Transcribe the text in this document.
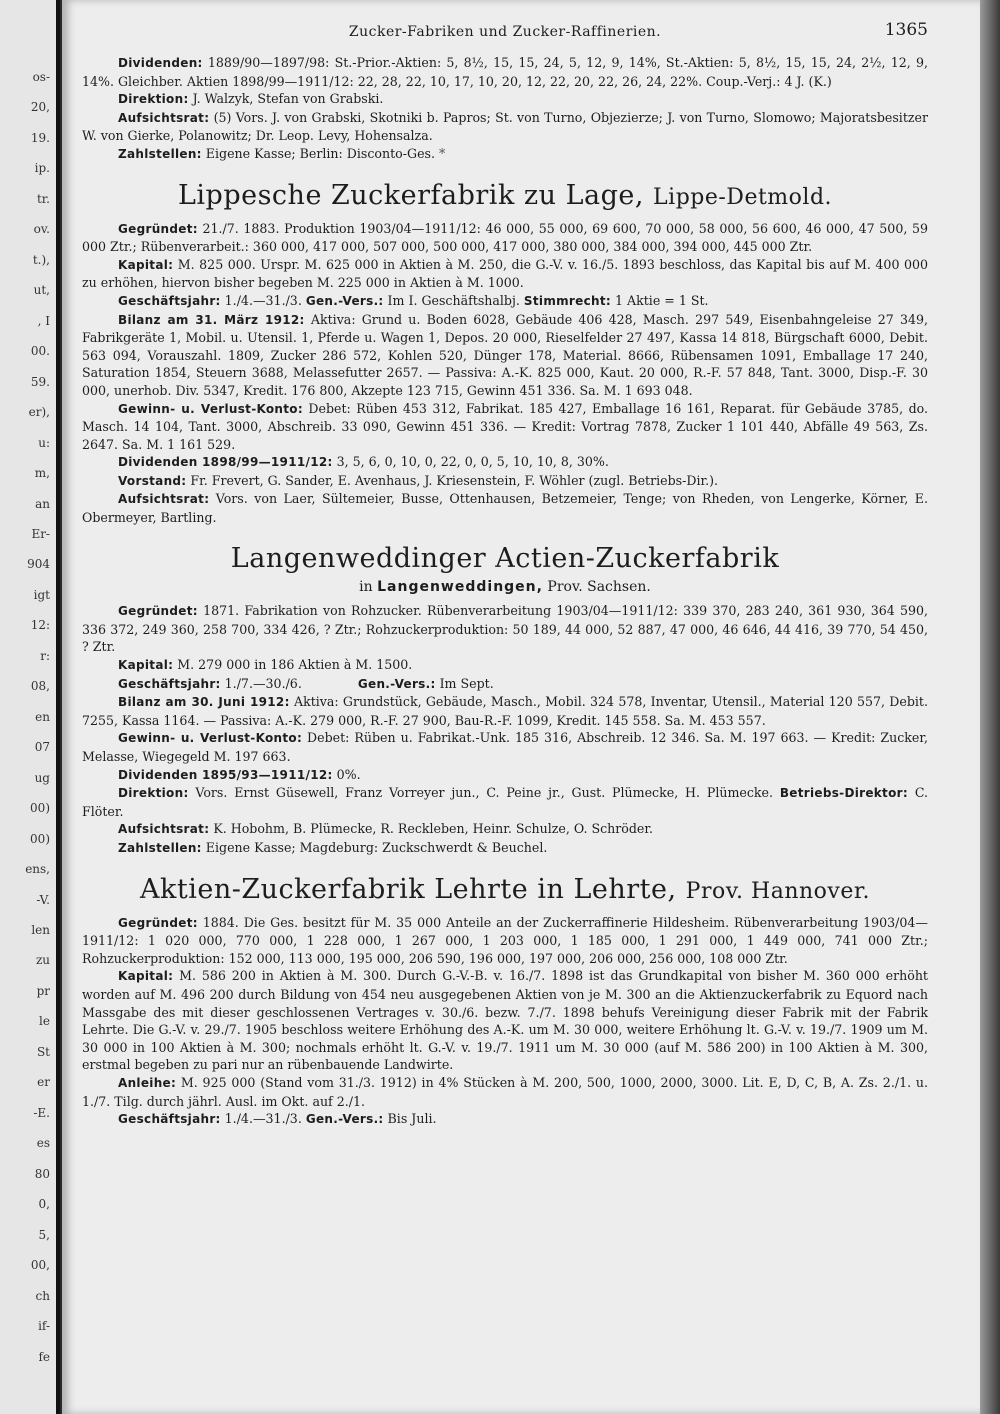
os-
20,
19.
ip.
tr.
ov.
t.),
ut,
, I
00.
59.
er),
u:
m,
an
Er-
904
igt
12:
r:
08,
en
07
ug
00)
00)
ens,
-V.
len
zu
pr
le
St
er
-E.
es
80
0,
5,
00,
ch
if-
fe
Zucker-Fabriken und Zucker-Raffinerien.	1365

Dividenden: 1889/90—1897/98: St.-Prior.-Aktien: 5, 8½, 15, 15, 24, 5, 12, 9, 14%, St.-Aktien: 5, 8½, 15, 15, 24, 2½, 12, 9, 14%. Gleichber. Aktien 1898/99—1911/12: 22, 28, 22, 10, 17, 10, 20, 12, 22, 20, 22, 26, 24, 22%. Coup.-Verj.: 4 J. (K.)

Direktion: J. Walzyk, Stefan von Grabski.

Aufsichtsrat: (5) Vors. J. von Grabski, Skotniki b. Papros; St. von Turno, Objezierze; J. von Turno, Slomowo; Majoratsbesitzer W. von Gierke, Polanowitz; Dr. Leop. Levy, Hohensalza.

Zahlstellen: Eigene Kasse; Berlin: Disconto-Ges. *

Lippesche Zuckerfabrik zu Lage, Lippe-Detmold.

Gegründet: 21./7. 1883. Produktion 1903/04—1911/12: 46 000, 55 000, 69 600, 70 000, 58 000, 56 600, 46 000, 47 500, 59 000 Ztr.; Rübenverarbeit.: 360 000, 417 000, 507 000, 500 000, 417 000, 380 000, 384 000, 394 000, 445 000 Ztr.

Kapital: M. 825 000. Urspr. M. 625 000 in Aktien à M. 250, die G.-V. v. 16./5. 1893 beschloss, das Kapital bis auf M. 400 000 zu erhöhen, hiervon bisher begeben M. 225 000 in Aktien à M. 1000.

Geschäftsjahr: 1./4.—31./3. Gen.-Vers.: Im I. Geschäftshalbj. Stimmrecht: 1 Aktie = 1 St.

Bilanz am 31. März 1912: Aktiva: Grund u. Boden 6028, Gebäude 406 428, Masch. 297 549, Eisenbahngeleise 27 349, Fabrikgeräte 1, Mobil. u. Utensil. 1, Pferde u. Wagen 1, Depos. 20 000, Rieselfelder 27 497, Kassa 14 818, Bürgschaft 6000, Debit. 563 094, Vorauszahl. 1809, Zucker 286 572, Kohlen 520, Dünger 178, Material. 8666, Rübensamen 1091, Emballage 17 240, Saturation 1854, Steuern 3688, Melassefutter 2657. — Passiva: A.-K. 825 000, Kaut. 20 000, R.-F. 57 848, Tant. 3000, Disp.-F. 30 000, unerhob. Div. 5347, Kredit. 176 800, Akzepte 123 715, Gewinn 451 336. Sa. M. 1 693 048.

Gewinn- u. Verlust-Konto: Debet: Rüben 453 312, Fabrikat. 185 427, Emballage 16 161, Reparat. für Gebäude 3785, do. Masch. 14 104, Tant. 3000, Abschreib. 33 090, Gewinn 451 336. — Kredit: Vortrag 7878, Zucker 1 101 440, Abfälle 49 563, Zs. 2647. Sa. M. 1 161 529.

Dividenden 1898/99—1911/12: 3, 5, 6, 0, 10, 0, 22, 0, 0, 5, 10, 10, 8, 30%.

Vorstand: Fr. Frevert, G. Sander, E. Avenhaus, J. Kriesenstein, F. Wöhler (zugl. Betriebs-Dir.).

Aufsichtsrat: Vors. von Laer, Sültemeier, Busse, Ottenhausen, Betzemeier, Tenge; von Rheden, von Lengerke, Körner, E. Obermeyer, Bartling.

Langenweddinger Actien-Zuckerfabrik
in Langenweddingen, Prov. Sachsen.

Gegründet: 1871. Fabrikation von Rohzucker. Rübenverarbeitung 1903/04—1911/12: 339 370, 283 240, 361 930, 364 590, 336 372, 249 360, 258 700, 334 426, ? Ztr.; Rohzuckerproduktion: 50 189, 44 000, 52 887, 47 000, 46 646, 44 416, 39 770, 54 450, ? Ztr.

Kapital: M. 279 000 in 186 Aktien à M. 1500.

Geschäftsjahr: 1./7.—30./6.	Gen.-Vers.: Im Sept.

Bilanz am 30. Juni 1912: Aktiva: Grundstück, Gebäude, Masch., Mobil. 324 578, Inventar, Utensil., Material 120 557, Debit. 7255, Kassa 1164. — Passiva: A.-K. 279 000, R.-F. 27 900, Bau-R.-F. 1099, Kredit. 145 558. Sa. M. 453 557.

Gewinn- u. Verlust-Konto: Debet: Rüben u. Fabrikat.-Unk. 185 316, Abschreib. 12 346. Sa. M. 197 663. — Kredit: Zucker, Melasse, Wiegegeld M. 197 663.

Dividenden 1895/93—1911/12: 0%.

Direktion: Vors. Ernst Güsewell, Franz Vorreyer jun., C. Peine jr., Gust. Plümecke, H. Plümecke. Betriebs-Direktor: C. Flöter.

Aufsichtsrat: K. Hobohm, B. Plümecke, R. Reckleben, Heinr. Schulze, O. Schröder.

Zahlstellen: Eigene Kasse; Magdeburg: Zuckschwerdt & Beuchel.

Aktien-Zuckerfabrik Lehrte in Lehrte, Prov. Hannover.

Gegründet: 1884. Die Ges. besitzt für M. 35 000 Anteile an der Zuckerraffinerie Hildesheim. Rübenverarbeitung 1903/04—1911/12: 1 020 000, 770 000, 1 228 000, 1 267 000, 1 203 000, 1 185 000, 1 291 000, 1 449 000, 741 000 Ztr.; Rohzuckerproduktion: 152 000, 113 000, 195 000, 206 590, 196 000, 197 000, 206 000, 256 000, 108 000 Ztr.

Kapital: M. 586 200 in Aktien à M. 300. Durch G.-V.-B. v. 16./7. 1898 ist das Grundkapital von bisher M. 360 000 erhöht worden auf M. 496 200 durch Bildung von 454 neu ausgegebenen Aktien von je M. 300 an die Aktienzuckerfabrik zu Equord nach Massgabe des mit dieser geschlossenen Vertrages v. 30./6. bezw. 7./7. 1898 behufs Vereinigung dieser Fabrik mit der Fabrik Lehrte. Die G.-V. v. 29./7. 1905 beschloss weitere Erhöhung des A.-K. um M. 30 000, weitere Erhöhung lt. G.-V. v. 19./7. 1909 um M. 30 000 in 100 Aktien à M. 300; nochmals erhöht lt. G.-V. v. 19./7. 1911 um M. 30 000 (auf M. 586 200) in 100 Aktien à M. 300, erstmal begeben zu pari nur an rübenbauende Landwirte.

Anleihe: M. 925 000 (Stand vom 31./3. 1912) in 4% Stücken à M. 200, 500, 1000, 2000, 3000. Lit. E, D, C, B, A. Zs. 2./1. u. 1./7. Tilg. durch jährl. Ausl. im Okt. auf 2./1.

Geschäftsjahr: 1./4.—31./3. Gen.-Vers.: Bis Juli.
